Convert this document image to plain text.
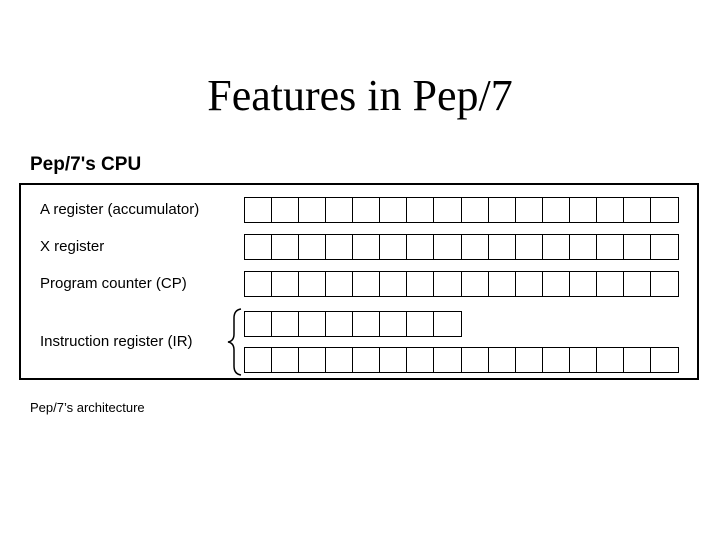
Features in Pep/7
Pep/7's CPU
A register (accumulator)
X register
Program counter (CP)
Instruction register (IR)
Pep/7’s architecture
